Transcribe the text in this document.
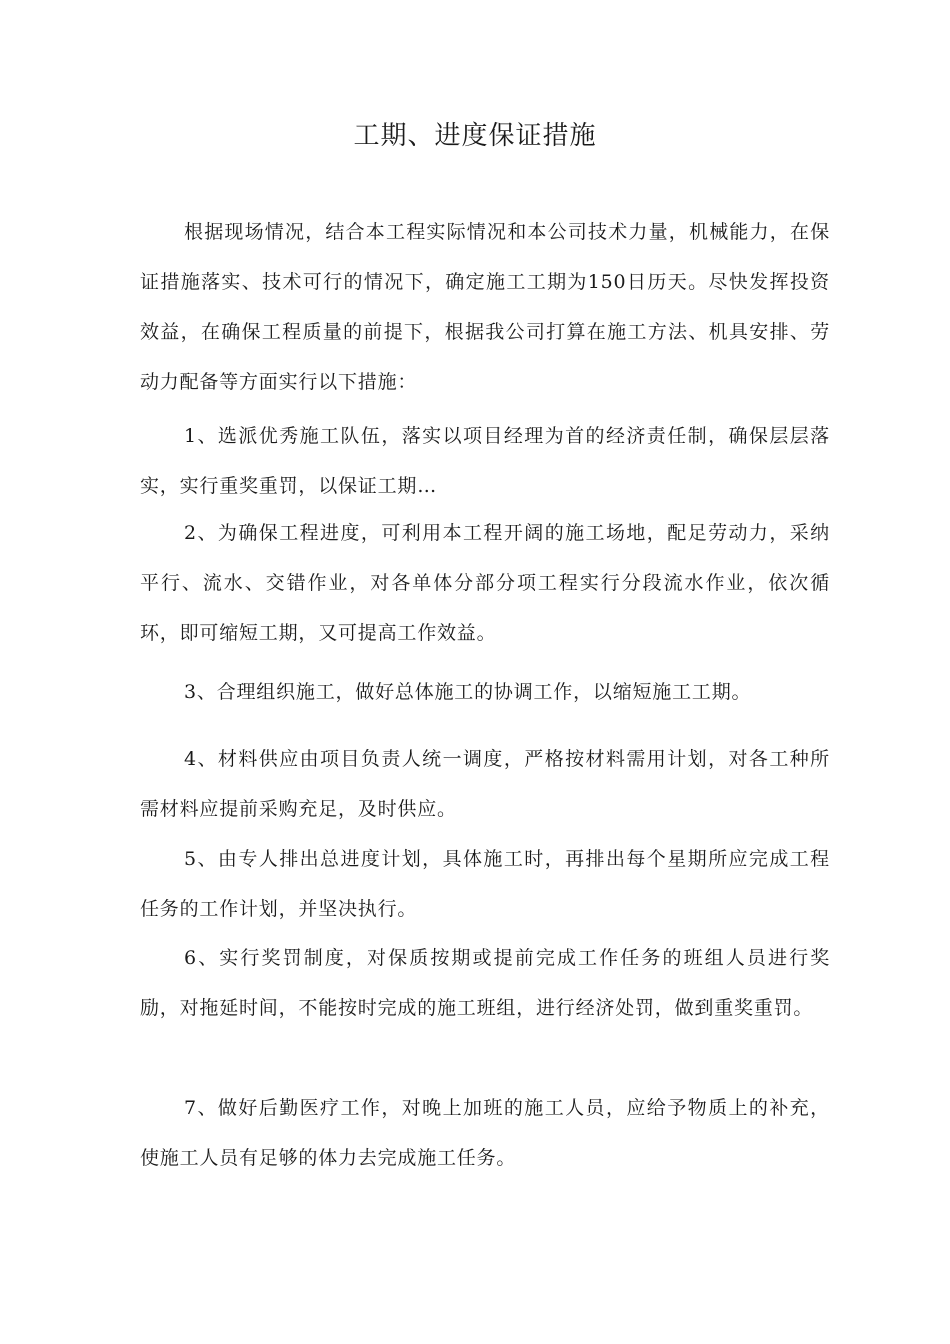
工期、进度保证措施

根据现场情况，结合本工程实际情况和本公司技术力量，机械能力，在保证措施落实、技术可行的情况下，确定施工工期为150日历天。尽快发挥投资效益，在确保工程质量的前提下，根据我公司打算在施工方法、机具安排、劳动力配备等方面实行以下措施：

1、选派优秀施工队伍，落实以项目经理为首的经济责任制，确保层层落实，实行重奖重罚，以保证工期…

2、为确保工程进度，可利用本工程开阔的施工场地，配足劳动力，采纳平行、流水、交错作业，对各单体分部分项工程实行分段流水作业，依次循环，即可缩短工期，又可提高工作效益。

3、合理组织施工，做好总体施工的协调工作，以缩短施工工期。

4、材料供应由项目负责人统一调度，严格按材料需用计划，对各工种所需材料应提前采购充足，及时供应。

5、由专人排出总进度计划，具体施工时，再排出每个星期所应完成工程任务的工作计划，并坚决执行。

6、实行奖罚制度，对保质按期或提前完成工作任务的班组人员进行奖励，对拖延时间，不能按时完成的施工班组，进行经济处罚，做到重奖重罚。

7、做好后勤医疗工作，对晚上加班的施工人员，应给予物质上的补充，使施工人员有足够的体力去完成施工任务。
